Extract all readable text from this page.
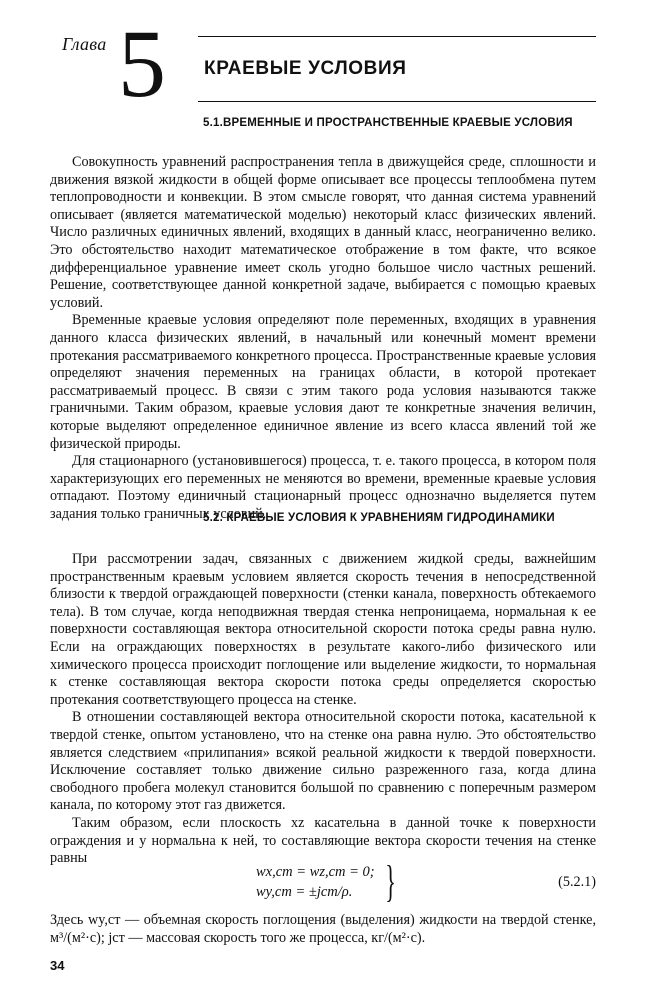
Глава 5 КРАЕВЫЕ УСЛОВИЯ
5.1.ВРЕМЕННЫЕ И ПРОСТРАНСТВЕННЫЕ КРАЕВЫЕ УСЛОВИЯ

Совокупность уравнений распространения тепла в движущейся среде, сплошности и движения вязкой жидкости в общей форме описывает все процессы теплообмена путем теплопроводности и конвекции. В этом смысле говорят, что данная система уравнений описывает (является математической моделью) некоторый класс физических явлений. Число различных единичных явлений, входящих в данный класс, неограниченно велико. Это обстоятельство находит математическое отображение в том факте, что всякое дифференциальное уравнение имеет сколь угодно большое число частных решений. Решение, соответствующее данной конкретной задаче, выбирается с помощью краевых условий.

Временные краевые условия определяют поле переменных, входящих в уравнения данного класса физических явлений, в начальный или конечный момент времени протекания рассматриваемого конкретного процесса. Пространственные краевые условия определяют значения переменных на границах области, в которой протекает рассматриваемый процесс. В связи с этим такого рода условия называются также граничными. Таким образом, краевые условия дают те конкретные значения величин, которые выделяют определенное единичное явление из всего класса явлений той же физической природы.

Для стационарного (установившегося) процесса, т. е. такого процесса, в котором поля характеризующих его переменных не меняются во времени, временные краевые условия отпадают. Поэтому единичный стационарный процесс однозначно выделяется путем задания только граничных условий.

5.2. КРАЕВЫЕ УСЛОВИЯ К УРАВНЕНИЯМ ГИДРОДИНАМИКИ

При рассмотрении задач, связанных с движением жидкой среды, важнейшим пространственным краевым условием является скорость течения в непосредственной близости к твердой ограждающей поверхности (стенки канала, поверхность обтекаемого тела). В том случае, когда неподвижная твердая стенка непроницаема, нормальная к ее поверхности составляющая вектора относительной скорости потока среды равна нулю. Если на ограждающих поверхностях в результате какого-либо физического или химического процесса происходит поглощение или выделение жидкости, то нормальная к стенке составляющая вектора скорости потока среды определяется скоростью протекания соответствующего процесса на стенке.

В отношении составляющей вектора относительной скорости потока, касательной к твердой стенке, опытом установлено, что на стенке она равна нулю. Это обстоятельство является следствием «прилипания» всякой реальной жидкости к твердой поверхности. Исключение составляет только движение сильно разреженного газа, когда длина свободного пробега молекул становится большой по сравнению с поперечным размером канала, по которому этот газ движется.

Таким образом, если плоскость xz касательна в данной точке к поверхности ограждения и y нормальна к ней, то составляющие вектора скорости течения на стенке равны

wx,ст = wz,ст = 0;
wy,ст = ±jст/ρ. }	(5.2.1)

Здесь wy,ст — объемная скорость поглощения (выделения) жидкости на твердой стенке, м³/(м²·с); jст — массовая скорость того же процесса, кг/(м²·с).

34
